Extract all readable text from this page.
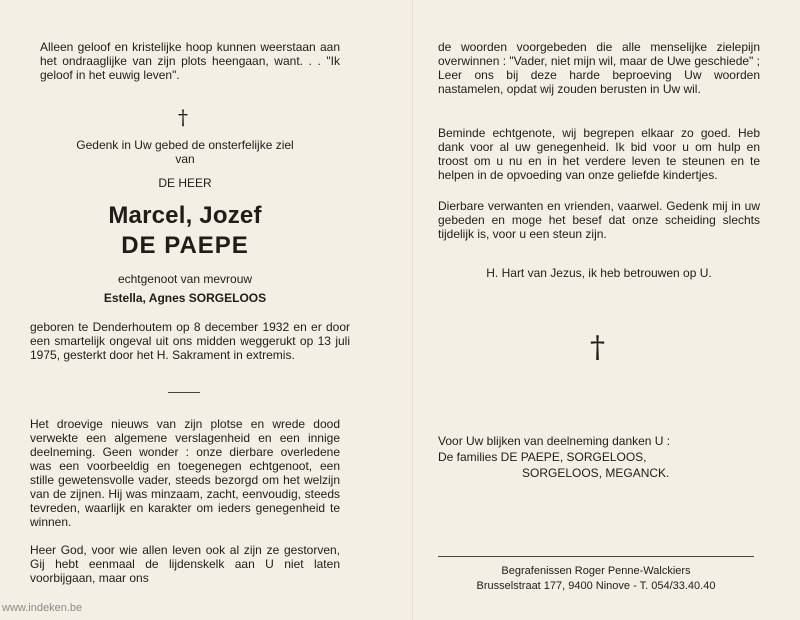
Alleen geloof en kristelijke hoop kunnen weerstaan aan het ondraaglijke van zijn plots heengaan, want. . . "Ik geloof in het euwig leven".
†
Gedenk in Uw gebed de onsterfelijke ziel
van
DE HEER
Marcel, Jozef
DE PAEPE
echtgenoot van mevrouw
Estella, Agnes SORGELOOS
geboren te Denderhoutem op 8 december 1932 en er door een smartelijk ongeval uit ons midden weggerukt op 13 juli 1975, gesterkt door het H. Sakrament in extremis.
Het droevige nieuws van zijn plotse en wrede dood verwekte een algemene verslagenheid en een innige deelneming. Geen wonder : onze dierbare overledene was een voorbeeldig en toegenegen echtgenoot, een stille gewetensvolle vader, steeds bezorgd om het welzijn van de zijnen. Hij was minzaam, zacht, eenvoudig, steeds tevreden, waarlijk en karakter om ieders genegenheid te winnen.
Heer God, voor wie allen leven ook al zijn ze gestorven, Gij hebt eenmaal de lijdenskelk aan U niet laten voorbijgaan, maar ons
de woorden voorgebeden die alle menselijke zielepijn overwinnen : "Vader, niet mijn wil, maar de Uwe geschiede" ; Leer ons bij deze harde beproeving Uw woorden nastamelen, opdat wij zouden berusten in Uw wil.
Beminde echtgenote, wij begrepen elkaar zo goed. Heb dank voor al uw genegenheid. Ik bid voor u om hulp en troost om u nu en in het verdere leven te steunen en te helpen in de opvoeding van onze geliefde kindertjes.
Dierbare verwanten en vrienden, vaarwel. Gedenk mij in uw gebeden en moge het besef dat onze scheiding slechts tijdelijk is, voor u een steun zijn.
H. Hart van Jezus, ik heb betrouwen op U.
†
Voor Uw blijken van deelneming danken U :
De families DE PAEPE, SORGELOOS,
SORGELOOS, MEGANCK.
Begrafenissen Roger Penne-Walckiers
Brusselstraat 177, 9400 Ninove - T. 054/33.40.40
www.indeken.be
